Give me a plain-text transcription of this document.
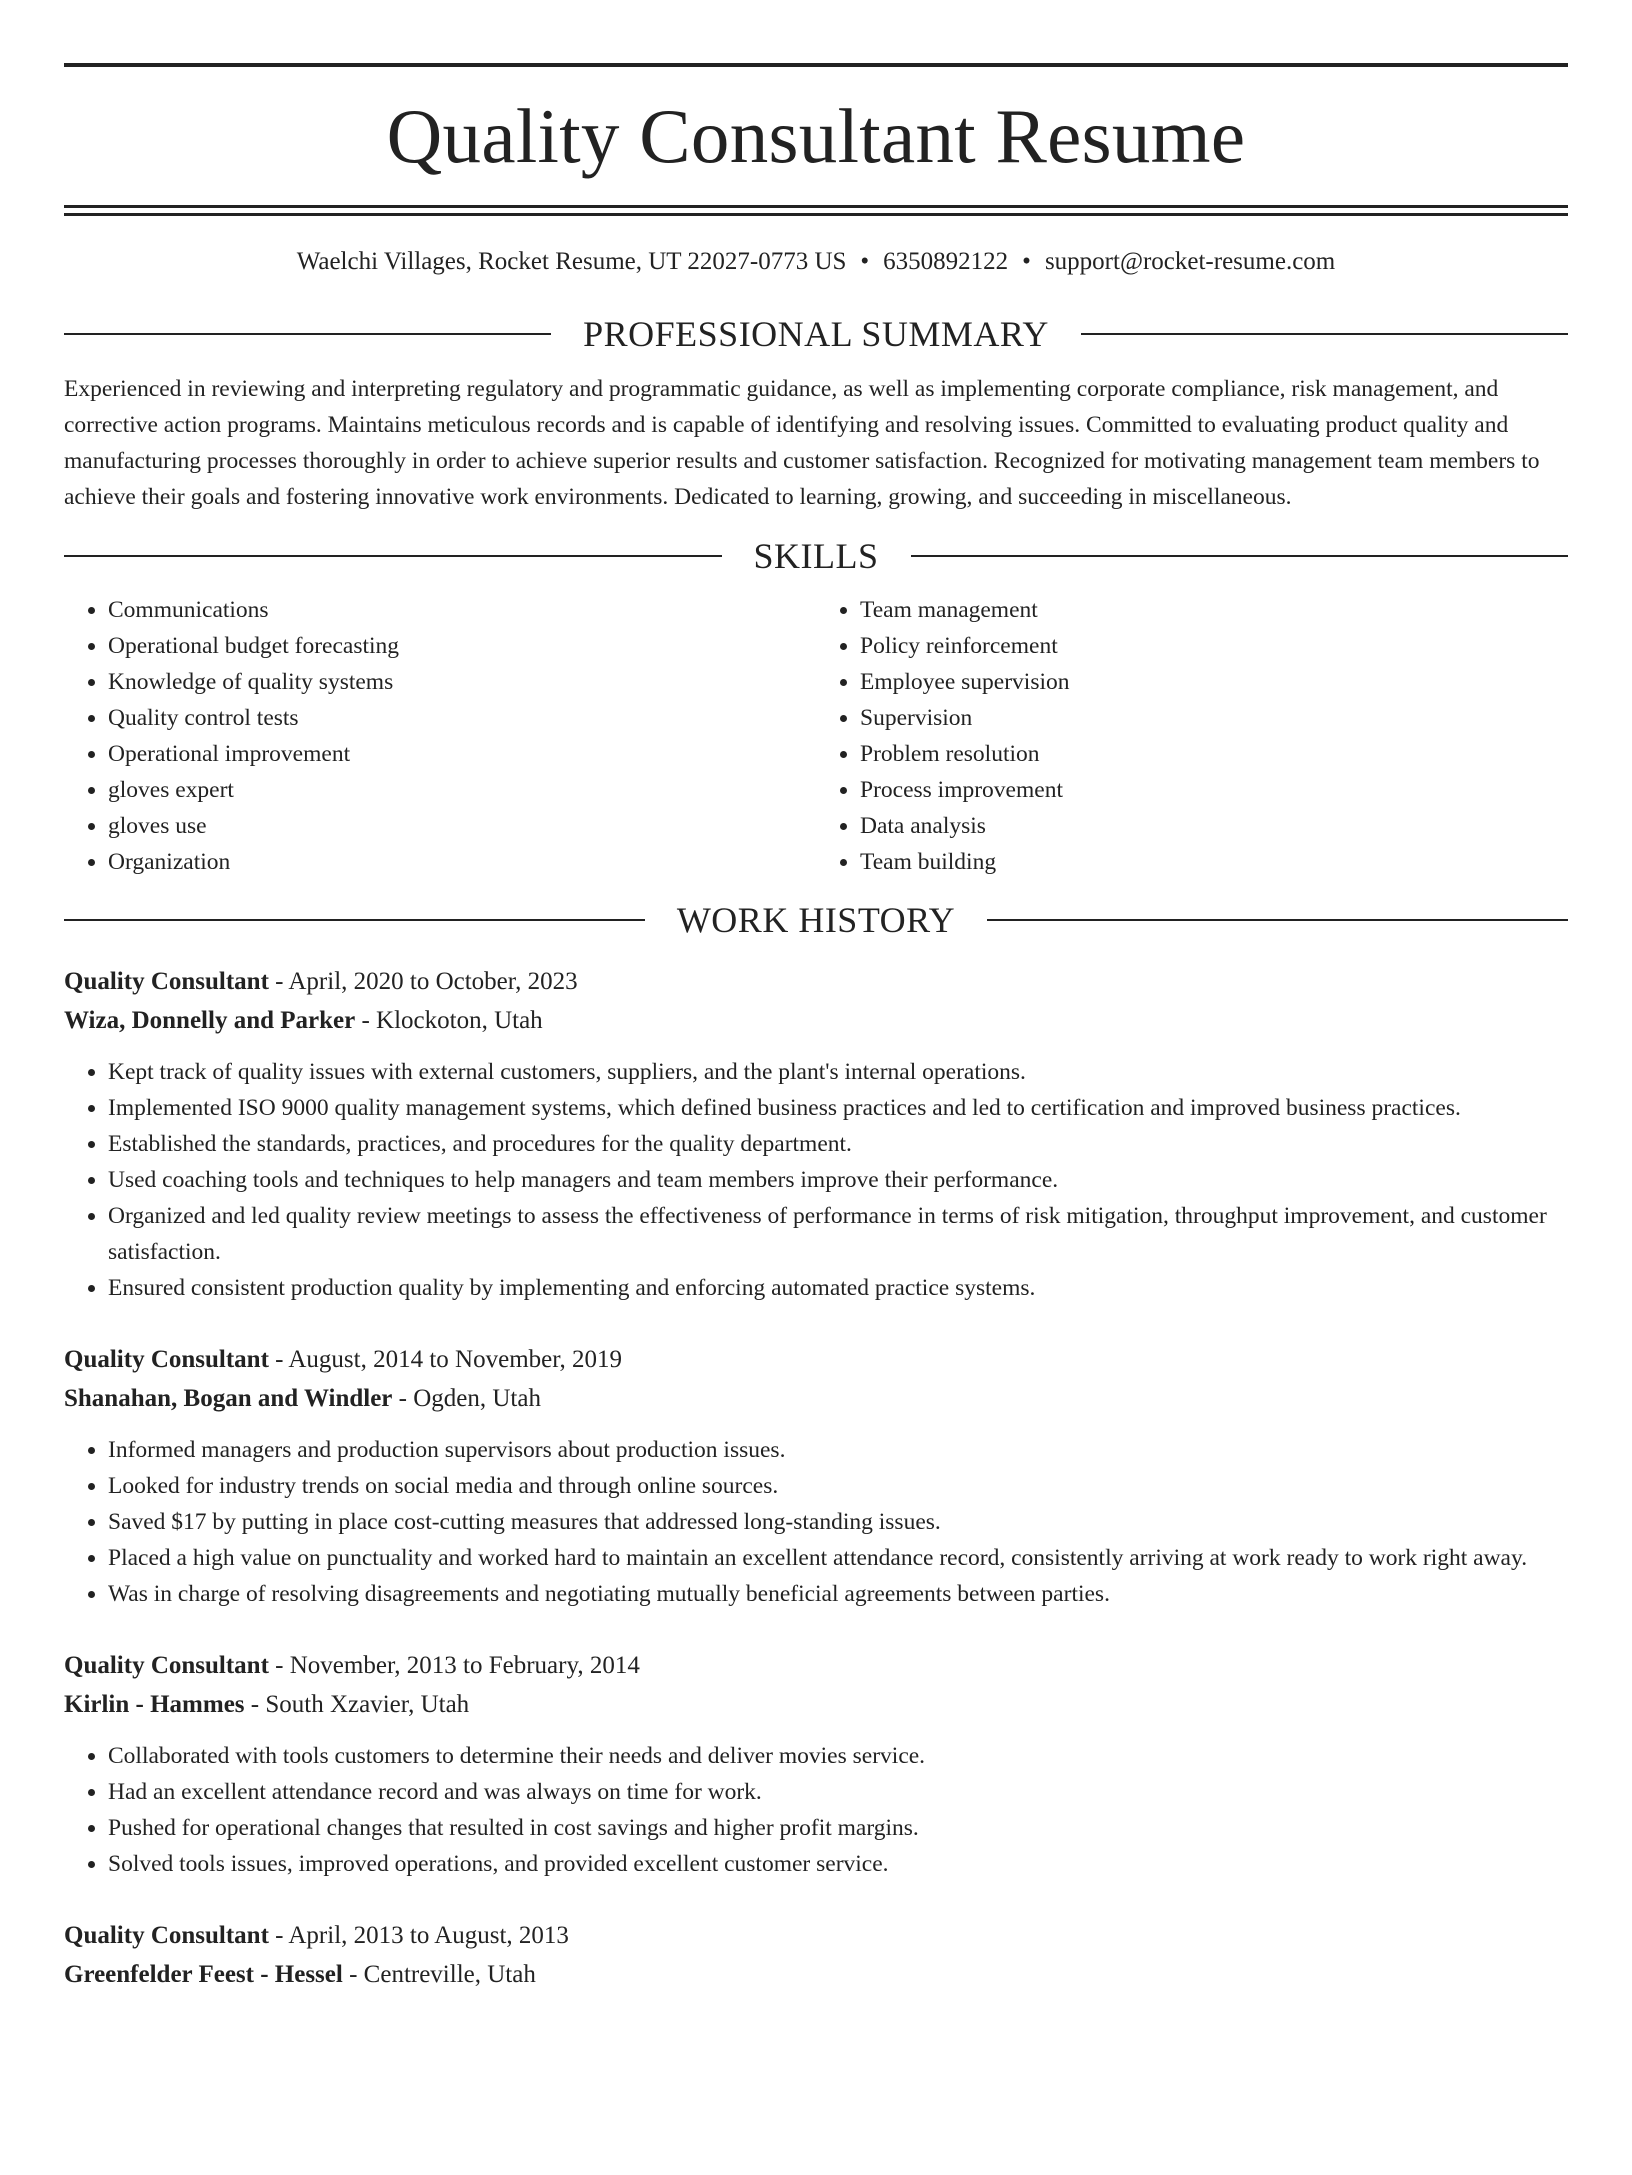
Quality Consultant Resume
Waelchi Villages, Rocket Resume, UT 22027-0773 US • 6350892122 • support@rocket-resume.com
PROFESSIONAL SUMMARY

Experienced in reviewing and interpreting regulatory and programmatic guidance, as well as implementing corporate compliance, risk management, and corrective action programs. Maintains meticulous records and is capable of identifying and resolving issues. Committed to evaluating product quality and manufacturing processes thoroughly in order to achieve superior results and customer satisfaction. Recognized for motivating management team members to achieve their goals and fostering innovative work environments. Dedicated to learning, growing, and succeeding in miscellaneous.

SKILLS
• Communications
• Operational budget forecasting
• Knowledge of quality systems
• Quality control tests
• Operational improvement
• gloves expert
• gloves use
• Organization
• Team management
• Policy reinforcement
• Employee supervision
• Supervision
• Problem resolution
• Process improvement
• Data analysis
• Team building
WORK HISTORY
Quality Consultant - April, 2020 to October, 2023
Wiza, Donnelly and Parker - Klockoton, Utah
• Kept track of quality issues with external customers, suppliers, and the plant's internal operations.
• Implemented ISO 9000 quality management systems, which defined business practices and led to certification and improved business practices.
• Established the standards, practices, and procedures for the quality department.
• Used coaching tools and techniques to help managers and team members improve their performance.
• Organized and led quality review meetings to assess the effectiveness of performance in terms of risk mitigation, throughput improvement, and customer satisfaction.
• Ensured consistent production quality by implementing and enforcing automated practice systems.
Quality Consultant - August, 2014 to November, 2019
Shanahan, Bogan and Windler - Ogden, Utah
• Informed managers and production supervisors about production issues.
• Looked for industry trends on social media and through online sources.
• Saved $17 by putting in place cost-cutting measures that addressed long-standing issues.
• Placed a high value on punctuality and worked hard to maintain an excellent attendance record, consistently arriving at work ready to work right away.
• Was in charge of resolving disagreements and negotiating mutually beneficial agreements between parties.
Quality Consultant - November, 2013 to February, 2014
Kirlin - Hammes - South Xzavier, Utah
• Collaborated with tools customers to determine their needs and deliver movies service.
• Had an excellent attendance record and was always on time for work.
• Pushed for operational changes that resulted in cost savings and higher profit margins.
• Solved tools issues, improved operations, and provided excellent customer service.
Quality Consultant - April, 2013 to August, 2013
Greenfelder Feest - Hessel - Centreville, Utah
